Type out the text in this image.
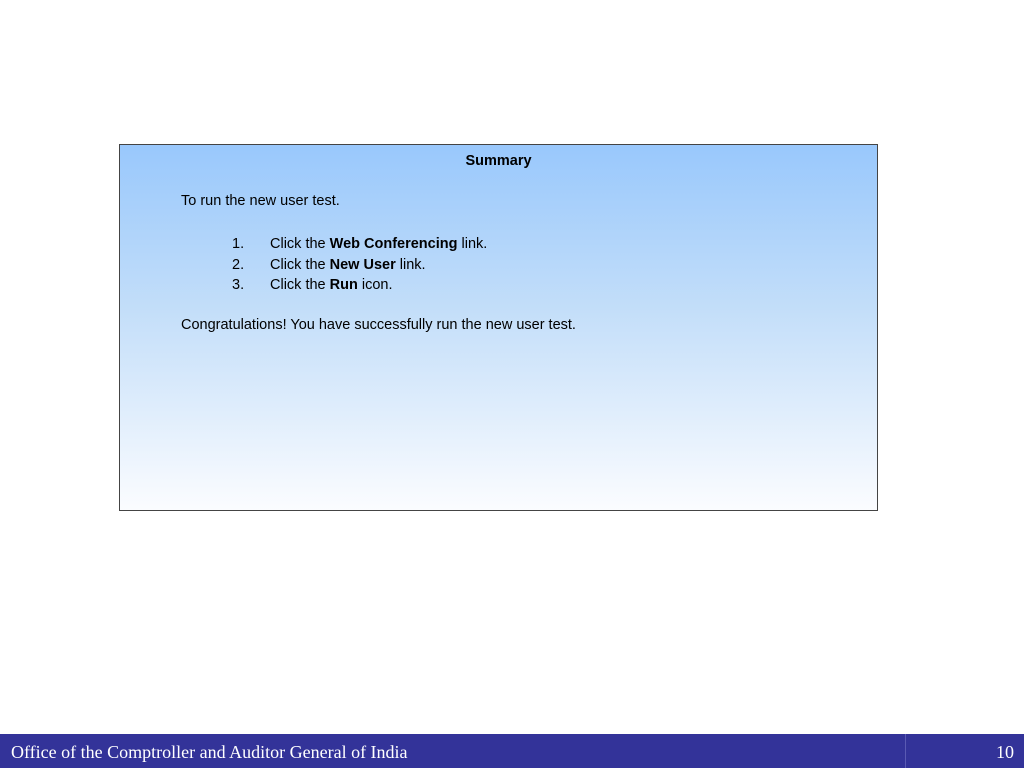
Summary
To run the new user test.
1.	Click the Web Conferencing link.
2.	Click the New User link.
3.	Click the Run icon.
Congratulations! You have successfully run the new user test.
Office of the Comptroller and Auditor General of India	10
